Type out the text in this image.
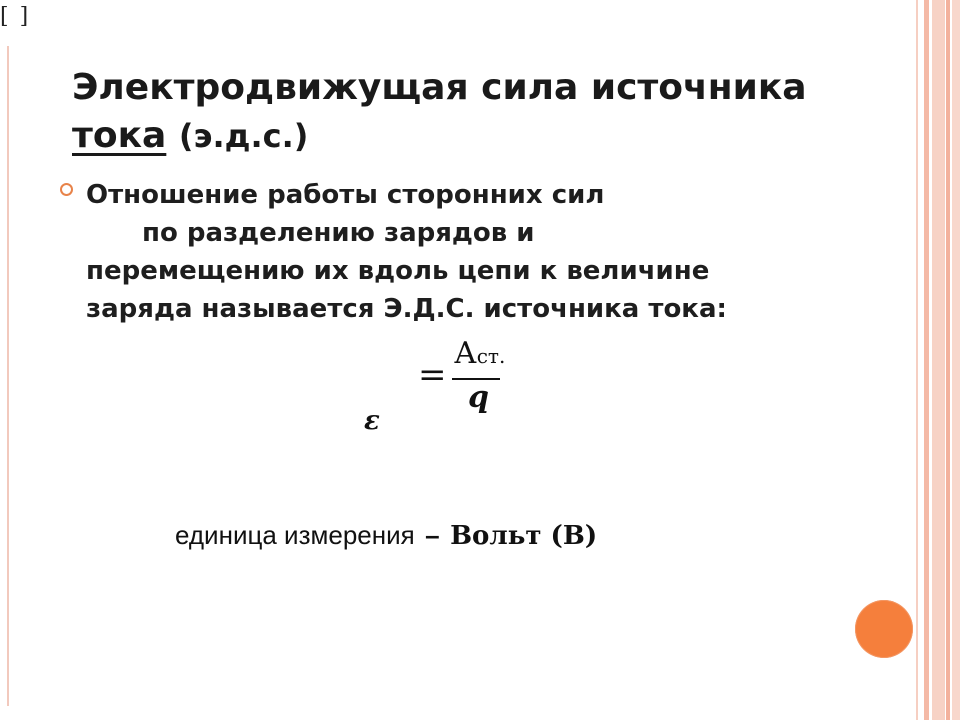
[ ]
Электродвижущая сила источника
тока (э.д.с.)
Отношение работы сторонних сил
по разделению зарядов и
перемещению их вдоль цепи к величине
заряда называется Э.Д.С. источника тока:
=
Аст.
q
ε
единица измерения – Вольт (В)
